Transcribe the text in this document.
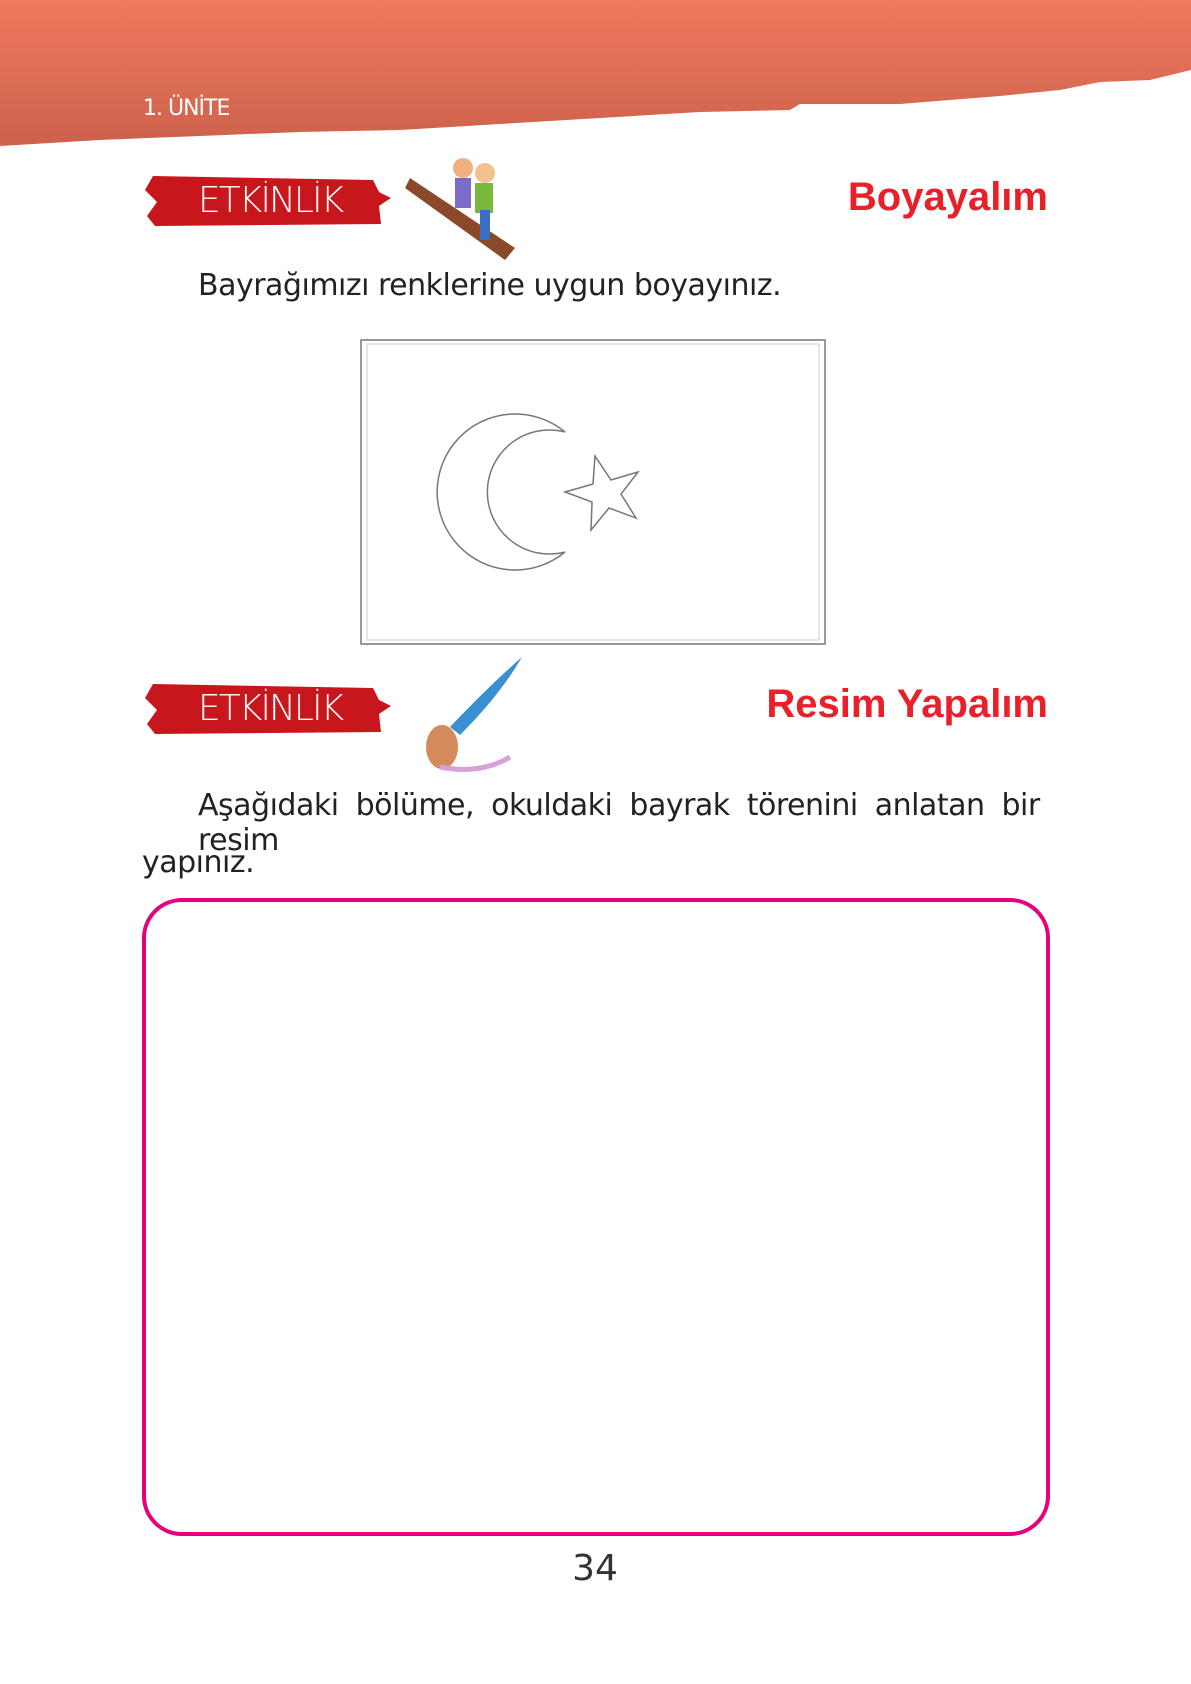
1. ÜNİTE
ETKİNLİK	Boyayalım
Bayrağımızı renklerine uygun boyayınız.
ETKİNLİK	Resim Yapalım
Aşağıdaki bölüme, okuldaki bayrak törenini anlatan bir resim
yapınız.
34
